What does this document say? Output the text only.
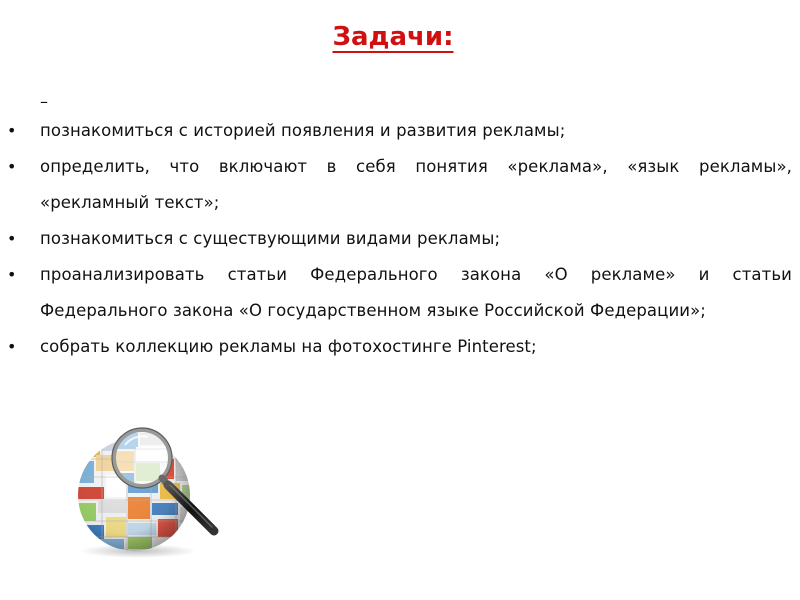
Задачи:
–
• познакомиться с историей появления и развития рекламы;
• определить, что включают в себя понятия «реклама», «язык рекламы», «рекламный текст»;
• познакомиться с существующими видами рекламы;
• проанализировать статьи Федерального закона «О рекламе» и статьи Федерального закона «О государственном языке Российской Федерации»;
• собрать коллекцию рекламы на фотохостинге Pinterest;
